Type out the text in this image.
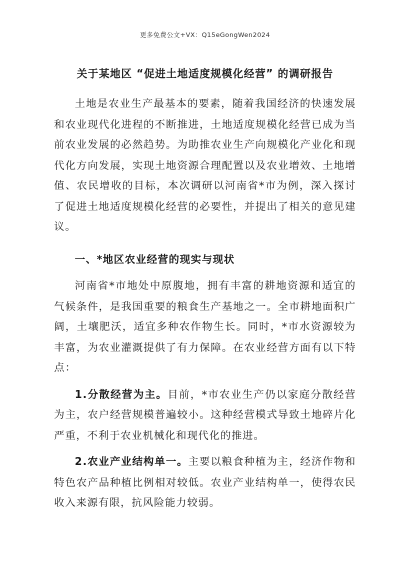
更多免费公文+VX：Q15eGongWen2024
关于某地区 “促进土地适度规模化经营” 的调研报告

土地是农业生产最基本的要素，随着我国经济的快速发展和农业现代化进程的不断推进，土地适度规模化经营已成为当前农业发展的必然趋势。为助推农业生产向规模化产业化和现代化方向发展，实现土地资源合理配置以及农业增效、土地增值、农民增收的目标，本次调研以河南省*市为例，深入探讨了促进土地适度规模化经营的必要性，并提出了相关的意见建议。

一、*地区农业经营的现实与现状

河南省*市地处中原腹地，拥有丰富的耕地资源和适宜的气候条件，是我国重要的粮食生产基地之一。全市耕地面积广阔，土壤肥沃，适宜多种农作物生长。同时，*市水资源较为丰富，为农业灌溉提供了有力保障。在农业经营方面有以下特点：

1.分散经营为主。目前，*市农业生产仍以家庭分散经营为主，农户经营规模普遍较小。这种经营模式导致土地碎片化严重，不利于农业机械化和现代化的推进。

2.农业产业结构单一。主要以粮食种植为主，经济作物和特色农产品种植比例相对较低。农业产业结构单一，使得农民收入来源有限，抗风险能力较弱。
